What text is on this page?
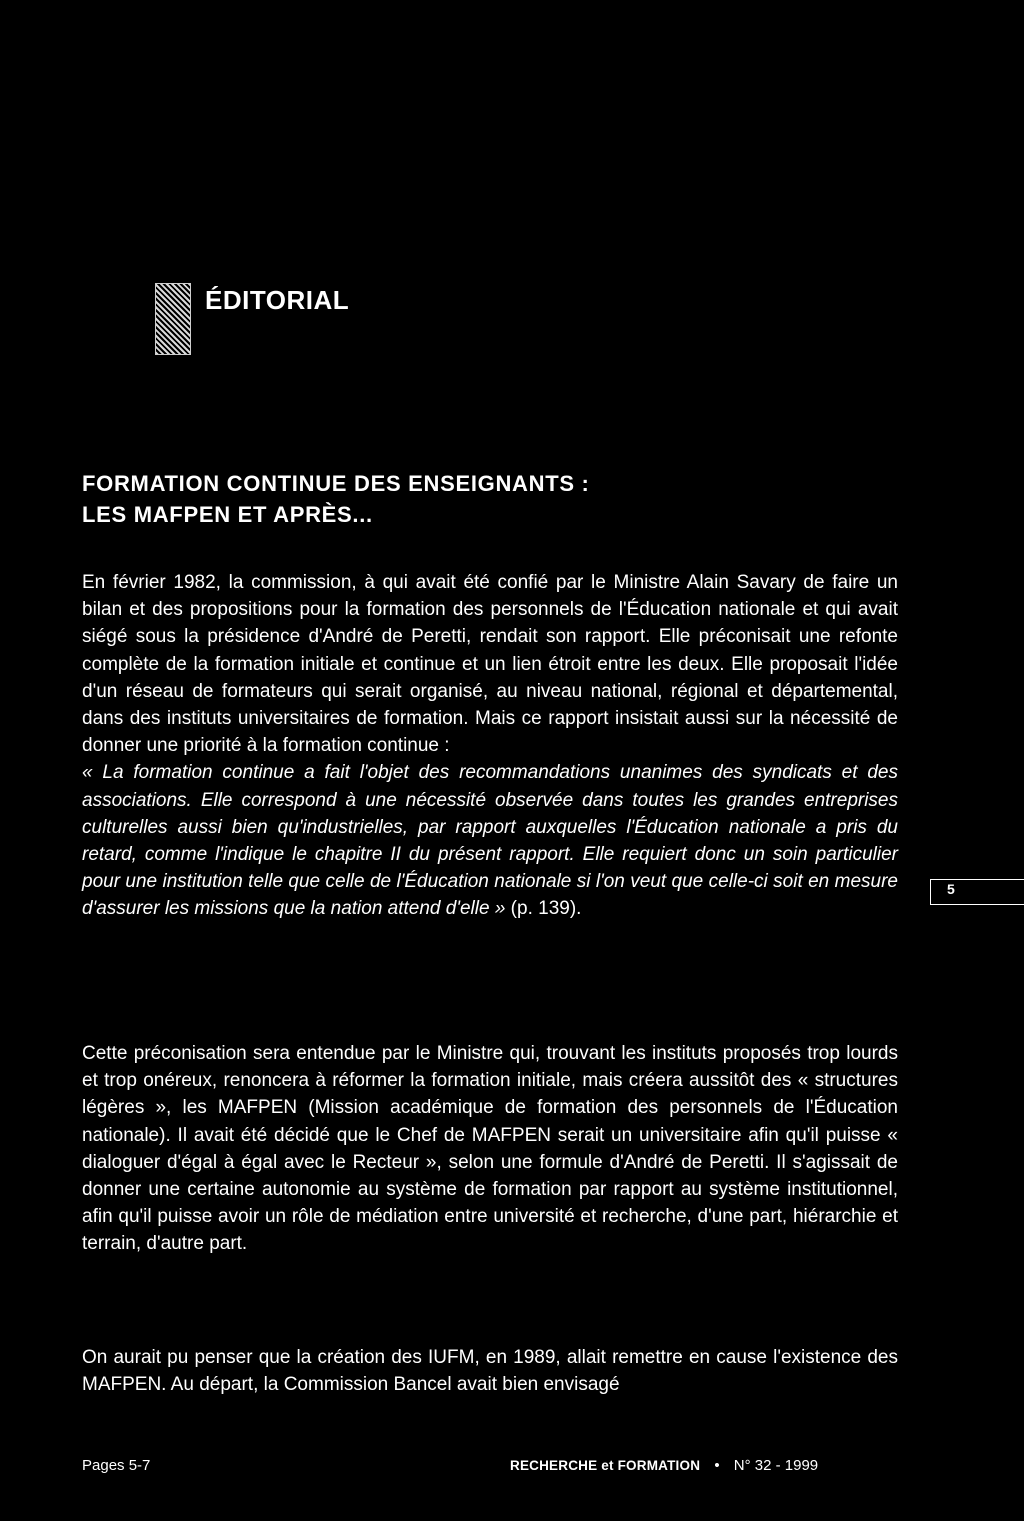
ÉDITORIAL
FORMATION CONTINUE DES ENSEIGNANTS :
LES MAFPEN ET APRÈS...
En février 1982, la commission, à qui avait été confié par le Ministre Alain Savary de faire un bilan et des propositions pour la formation des personnels de l'Éducation nationale et qui avait siégé sous la présidence d'André de Peretti, rendait son rapport. Elle préconisait une refonte complète de la formation initiale et continue et un lien étroit entre les deux. Elle proposait l'idée d'un réseau de formateurs qui serait organisé, au niveau national, régional et départemental, dans des instituts universitaires de formation. Mais ce rapport insistait aussi sur la nécessité de donner une priorité à la formation continue :
« La formation continue a fait l'objet des recommandations unanimes des syndicats et des associations. Elle correspond à une nécessité observée dans toutes les grandes entreprises culturelles aussi bien qu'industrielles, par rapport auxquelles l'Éducation nationale a pris du retard, comme l'indique le chapitre II du présent rapport. Elle requiert donc un soin particulier pour une institution telle que celle de l'Éducation nationale si l'on veut que celle-ci soit en mesure d'assurer les missions que la nation attend d'elle » (p. 139).
Cette préconisation sera entendue par le Ministre qui, trouvant les instituts proposés trop lourds et trop onéreux, renoncera à réformer la formation initiale, mais créera aussitôt des « structures légères », les MAFPEN (Mission académique de formation des personnels de l'Éducation nationale). Il avait été décidé que le Chef de MAFPEN serait un universitaire afin qu'il puisse « dialoguer d'égal à égal avec le Recteur », selon une formule d'André de Peretti. Il s'agissait de donner une certaine autonomie au système de formation par rapport au système institutionnel, afin qu'il puisse avoir un rôle de médiation entre université et recherche, d'une part, hiérarchie et terrain, d'autre part.
On aurait pu penser que la création des IUFM, en 1989, allait remettre en cause l'existence des MAFPEN. Au départ, la Commission Bancel avait bien envisagé
5
Pages 5-7	RECHERCHE et FORMATION • N° 32 - 1999
